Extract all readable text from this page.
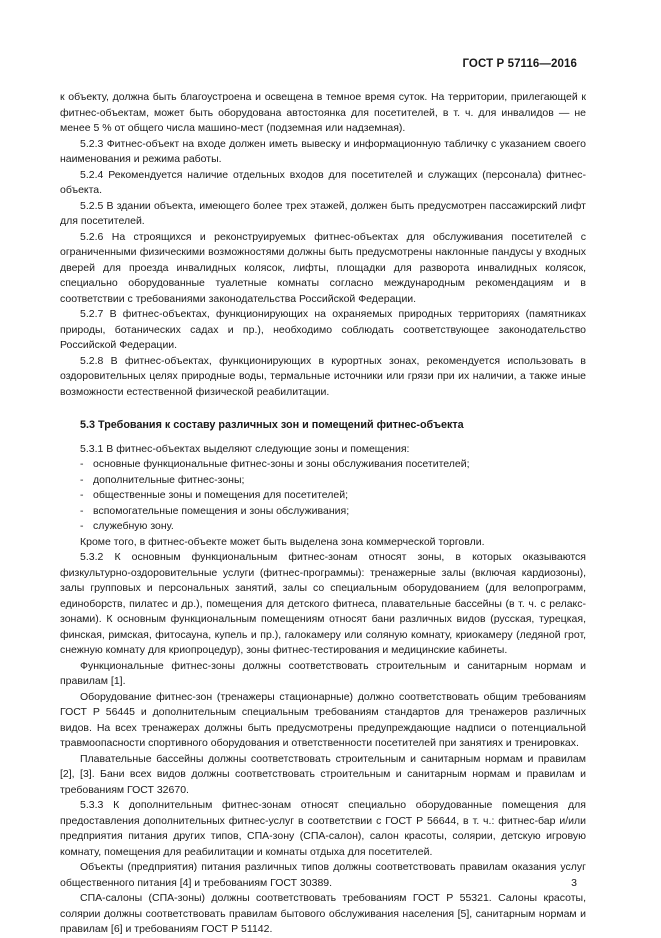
ГОСТ Р 57116—2016

к объекту, должна быть благоустроена и освещена в темное время суток. На территории, прилегающей к фитнес-объектам, может быть оборудована автостоянка для посетителей, в т. ч. для инвалидов — не менее 5 % от общего числа машино-мест (подземная или надземная).

5.2.3 Фитнес-объект на входе должен иметь вывеску и информационную табличку с указанием своего наименования и режима работы.

5.2.4 Рекомендуется наличие отдельных входов для посетителей и служащих (персонала) фитнес-объекта.

5.2.5 В здании объекта, имеющего более трех этажей, должен быть предусмотрен пассажирский лифт для посетителей.

5.2.6 На строящихся и реконструируемых фитнес-объектах для обслуживания посетителей с ограниченными физическими возможностями должны быть предусмотрены наклонные пандусы у входных дверей для проезда инвалидных колясок, лифты, площадки для разворота инвалидных колясок, специально оборудованные туалетные комнаты согласно международным рекомендациям и в соответствии с требованиями законодательства Российской Федерации.

5.2.7 В фитнес-объектах, функционирующих на охраняемых природных территориях (памятниках природы, ботанических садах и пр.), необходимо соблюдать соответствующее законодательство Российской Федерации.

5.2.8 В фитнес-объектах, функционирующих в курортных зонах, рекомендуется использовать в оздоровительных целях природные воды, термальные источники или грязи при их наличии, а также иные возможности естественной физической реабилитации.

5.3 Требования к составу различных зон и помещений фитнес-объекта

5.3.1 В фитнес-объектах выделяют следующие зоны и помещения:

- основные функциональные фитнес-зоны и зоны обслуживания посетителей;
- дополнительные фитнес-зоны;
- общественные зоны и помещения для посетителей;
- вспомогательные помещения и зоны обслуживания;
- служебную зону.

Кроме того, в фитнес-объекте может быть выделена зона коммерческой торговли.

5.3.2 К основным функциональным фитнес-зонам относят зоны, в которых оказываются физкультурно-оздоровительные услуги (фитнес-программы): тренажерные залы (включая кардиозоны), залы групповых и персональных занятий, залы со специальным оборудованием (для велопрограмм, единоборств, пилатес и др.), помещения для детского фитнеса, плавательные бассейны (в т. ч. с релакс-зонами). К основным функциональным помещениям относят бани различных видов (русская, турецкая, финская, римская, фитосауна, купель и пр.), галокамеру или соляную комнату, криокамеру (ледяной грот, снежную комнату для криопроцедур), зоны фитнес-тестирования и медицинские кабинеты.

Функциональные фитнес-зоны должны соответствовать строительным и санитарным нормам и правилам [1].

Оборудование фитнес-зон (тренажеры стационарные) должно соответствовать общим требованиям ГОСТ Р 56445 и дополнительным специальным требованиям стандартов для тренажеров различных видов. На всех тренажерах должны быть предусмотрены предупреждающие надписи о потенциальной травмоопасности спортивного оборудования и ответственности посетителей при занятиях и тренировках.

Плавательные бассейны должны соответствовать строительным и санитарным нормам и правилам [2], [3]. Бани всех видов должны соответствовать строительным и санитарным нормам и правилам и требованиям ГОСТ 32670.

5.3.3 К дополнительным фитнес-зонам относят специально оборудованные помещения для предоставления дополнительных фитнес-услуг в соответствии с ГОСТ Р 56644, в т. ч.: фитнес-бар и/или предприятия питания других типов, СПА-зону (СПА-салон), салон красоты, солярии, детскую игровую комнату, помещения для реабилитации и комнаты отдыха для посетителей.

Объекты (предприятия) питания различных типов должны соответствовать правилам оказания услуг общественного питания [4] и требованиям ГОСТ 30389.

СПА-салоны (СПА-зоны) должны соответствовать требованиям ГОСТ Р 55321. Салоны красоты, солярии должны соответствовать правилам бытового обслуживания населения [5], санитарным нормам и правилам [6] и требованиям ГОСТ Р 51142.

3
